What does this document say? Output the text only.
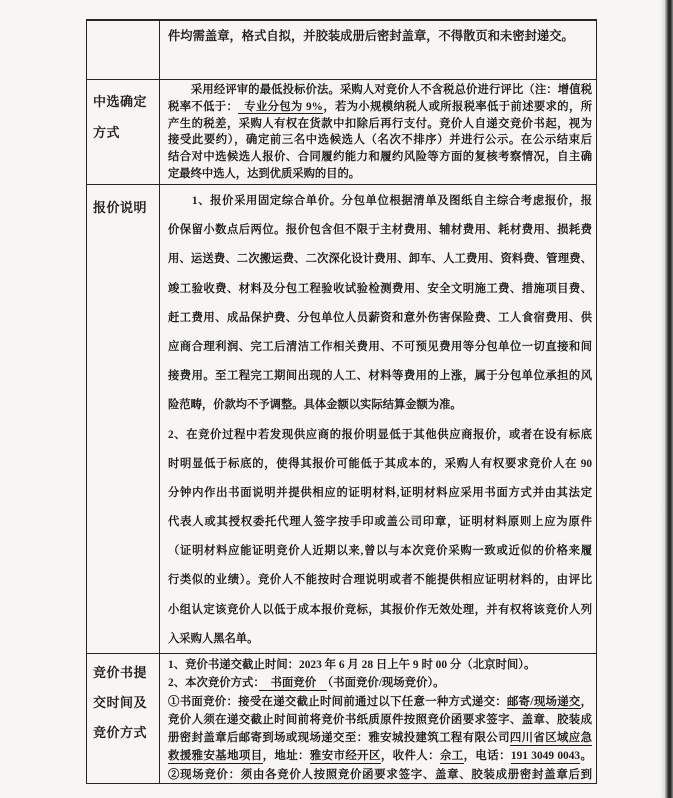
件均需盖章，格式自拟，并胶装成册后密封盖章，不得散页和未密封递交。
中选确定方式
　　采用经评审的最低投标价法。采购人对竞价人不含税总价进行评比（注：增值税
税率不低于： 专业分包为 9%，若为小规模纳税人或所报税率低于前述要求的，所
产生的税差，采购人有权在货款中扣除后再行支付。竞价人自递交竞价书起，视为
接受此要约），确定前三名中选候选人（名次不排序）并进行公示。在公示结束后
结合对中选候选人报价、合同履约能力和履约风险等方面的复核考察情况，自主确
定最终中选人，达到优质采购的目的。
报价说明	　　1、报价采用固定综合单价。分包单位根据清单及图纸自主综合考虑报价，报
价保留小数点后两位。报价包含但不限于主材费用、辅材费用、耗材费用、损耗费
用、运送费、二次搬运费、二次深化设计费用、卸车、人工费用、资料费、管理费、
竣工验收费、材料及分包工程验收试验检测费用、安全文明施工费、措施项目费、
赶工费用、成品保护费、分包单位人员薪资和意外伤害保险费、工人食宿费用、供
应商合理利润、完工后清洁工作相关费用、不可预见费用等分包单位一切直接和间
接费用。至工程完工期间出现的人工、材料等费用的上涨，属于分包单位承担的风
险范畴，价款均不予调整。具体金额以实际结算金额为准。
2、在竞价过程中若发现供应商的报价明显低于其他供应商报价，或者在设有标底
时明显低于标底的，使得其报价可能低于其成本的，采购人有权要求竞价人在 90
分钟内作出书面说明并提供相应的证明材料,证明材料应采用书面方式并由其法定
代表人或其授权委托代理人签字按手印或盖公司印章，证明材料原则上应为原件
（证明材料应能证明竞价人近期以来,曾以与本次竞价采购一致或近似的价格来履
行类似的业绩）。竞价人不能按时合理说明或者不能提供相应证明材料的，由评比
小组认定该竞价人以低于成本报价竞标，其报价作无效处理，并有权将该竞价人列
入采购人黑名单。
竞价书提交时间及竞价方式
1、竞价书递交截止时间：2023 年 6 月 28 日上午 9 时 00 分（北京时间）。
2、本次竞价方式：　书面竞价　（书面竞价/现场竞价）。
①书面竞价：接受在递交截止时间前通过以下任意一种方式递交：邮寄/现场递交，
竞价人须在递交截止时间前将竞价书纸质原件按照竞价函要求签字、盖章、胶装成
册密封盖章后邮寄到场或现场递交至：雅安城投建筑工程有限公司四川省区域应急
救援雅安基地项目，地址：雅安市经开区，收件人：佘工，电话：191 3049 0043。
②现场竞价：须由各竞价人按照竞价函要求签字、盖章、胶装成册密封盖章后到
